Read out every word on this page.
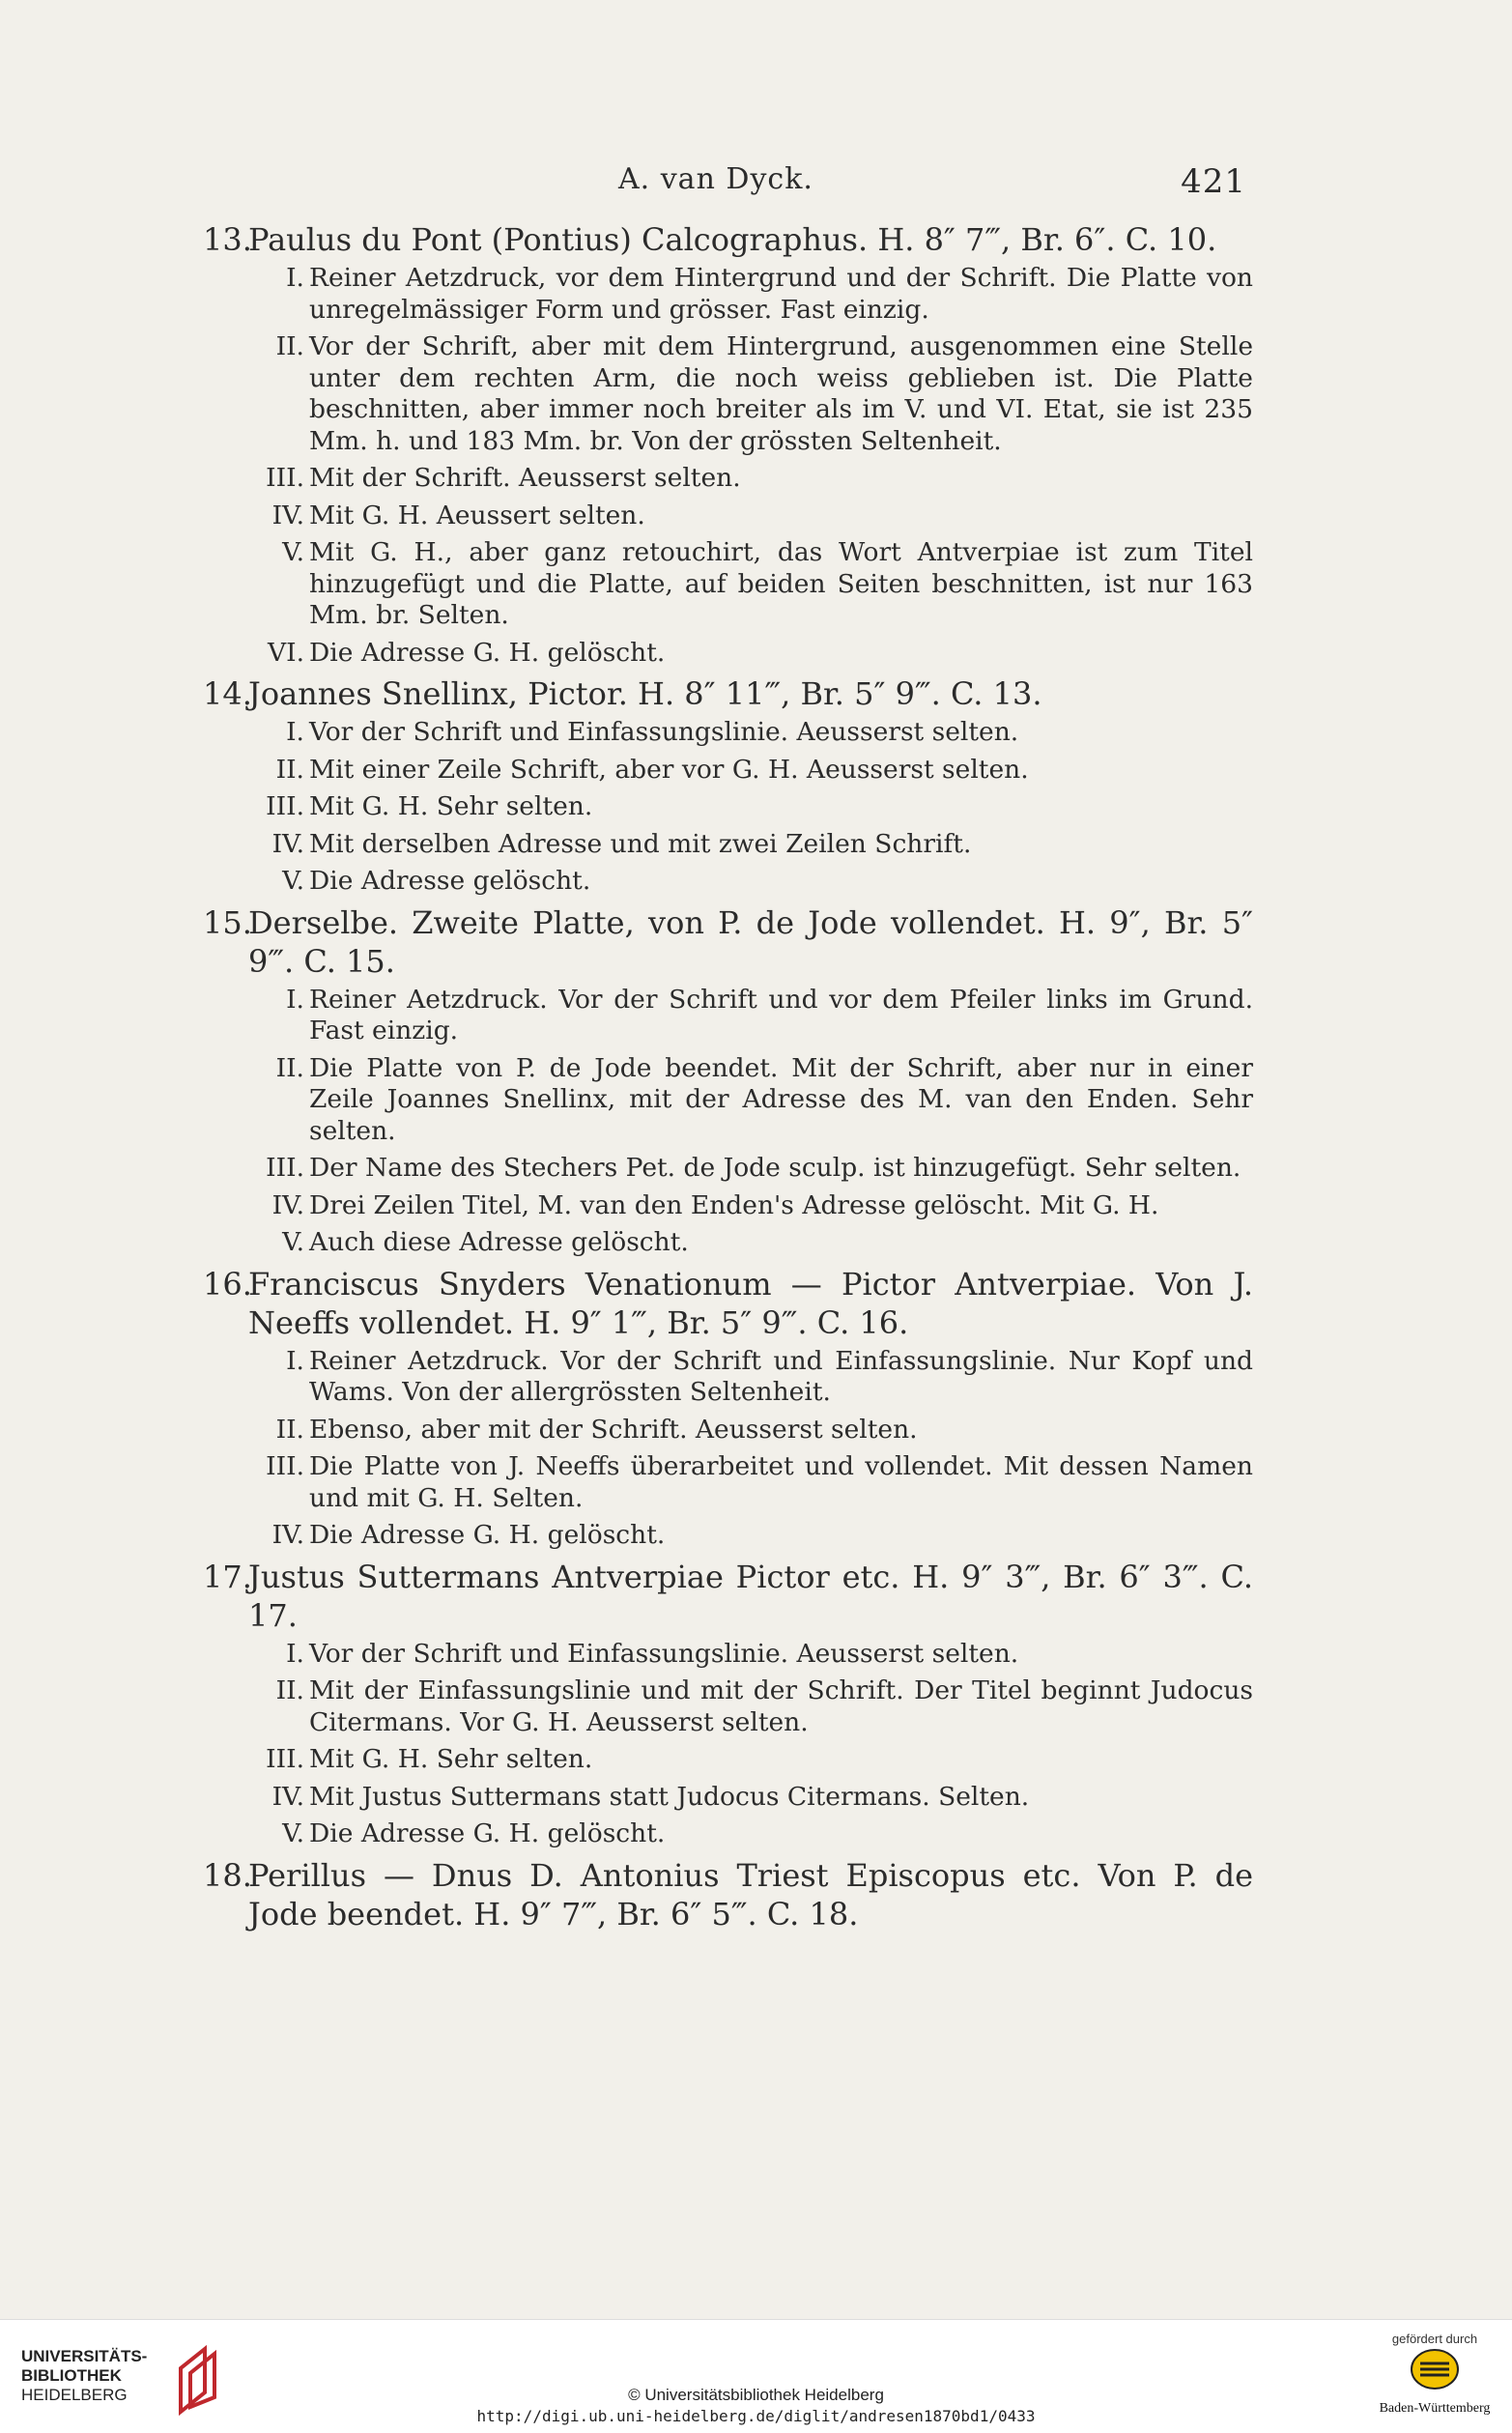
A. van Dyck.	421
13.Paulus du Pont (Pontius) Calcographus. H. 8″ 7‴, Br. 6″. C. 10.
I. Reiner Aetzdruck, vor dem Hintergrund und der Schrift. Die Platte von unregelmässiger Form und grösser. Fast einzig.
II. Vor der Schrift, aber mit dem Hintergrund, ausgenommen eine Stelle unter dem rechten Arm, die noch weiss geblieben ist. Die Platte beschnitten, aber immer noch breiter als im V. und VI. Etat, sie ist 235 Mm. h. und 183 Mm. br. Von der grössten Seltenheit.
III. Mit der Schrift. Aeusserst selten.
IV. Mit G. H. Aeussert selten.
V. Mit G. H., aber ganz retouchirt, das Wort Antverpiae ist zum Titel hinzugefügt und die Platte, auf beiden Seiten beschnitten, ist nur 163 Mm. br. Selten.
VI. Die Adresse G. H. gelöscht.
14.Joannes Snellinx, Pictor. H. 8″ 11‴, Br. 5″ 9‴. C. 13.
I. Vor der Schrift und Einfassungslinie. Aeusserst selten.
II. Mit einer Zeile Schrift, aber vor G. H. Aeusserst selten.
III. Mit G. H. Sehr selten.
IV. Mit derselben Adresse und mit zwei Zeilen Schrift.
V. Die Adresse gelöscht.
15.Derselbe. Zweite Platte, von P. de Jode vollendet. H. 9″, Br. 5″ 9‴. C. 15.
I. Reiner Aetzdruck. Vor der Schrift und vor dem Pfeiler links im Grund. Fast einzig.
II. Die Platte von P. de Jode beendet. Mit der Schrift, aber nur in einer Zeile Joannes Snellinx, mit der Adresse des M. van den Enden. Sehr selten.
III. Der Name des Stechers Pet. de Jode sculp. ist hinzugefügt. Sehr selten.
IV. Drei Zeilen Titel, M. van den Enden's Adresse gelöscht. Mit G. H.
V. Auch diese Adresse gelöscht.
16.Franciscus Snyders Venationum — Pictor Antverpiae. Von J. Neeffs vollendet. H. 9″ 1‴, Br. 5″ 9‴. C. 16.
I. Reiner Aetzdruck. Vor der Schrift und Einfassungslinie. Nur Kopf und Wams. Von der allergrössten Seltenheit.
II. Ebenso, aber mit der Schrift. Aeusserst selten.
III. Die Platte von J. Neeffs überarbeitet und vollendet. Mit dessen Namen und mit G. H. Selten.
IV. Die Adresse G. H. gelöscht.
17.Justus Suttermans Antverpiae Pictor etc. H. 9″ 3‴, Br. 6″ 3‴. C. 17.
I. Vor der Schrift und Einfassungslinie. Aeusserst selten.
II. Mit der Einfassungslinie und mit der Schrift. Der Titel beginnt Judocus Citermans. Vor G. H. Aeusserst selten.
III. Mit G. H. Sehr selten.
IV. Mit Justus Suttermans statt Judocus Citermans. Selten.
V. Die Adresse G. H. gelöscht.
18.Perillus — Dnus D. Antonius Triest Episcopus etc. Von P. de Jode beendet. H. 9″ 7‴, Br. 6″ 5‴. C. 18.
UNIVERSITÄTS-
BIBLIOTHEK
HEIDELBERG	© Universitätsbibliothek Heidelberg
http://digi.ub.uni-heidelberg.de/diglit/andresen1870bd1/0433
gefördert durch
Baden-Württemberg
